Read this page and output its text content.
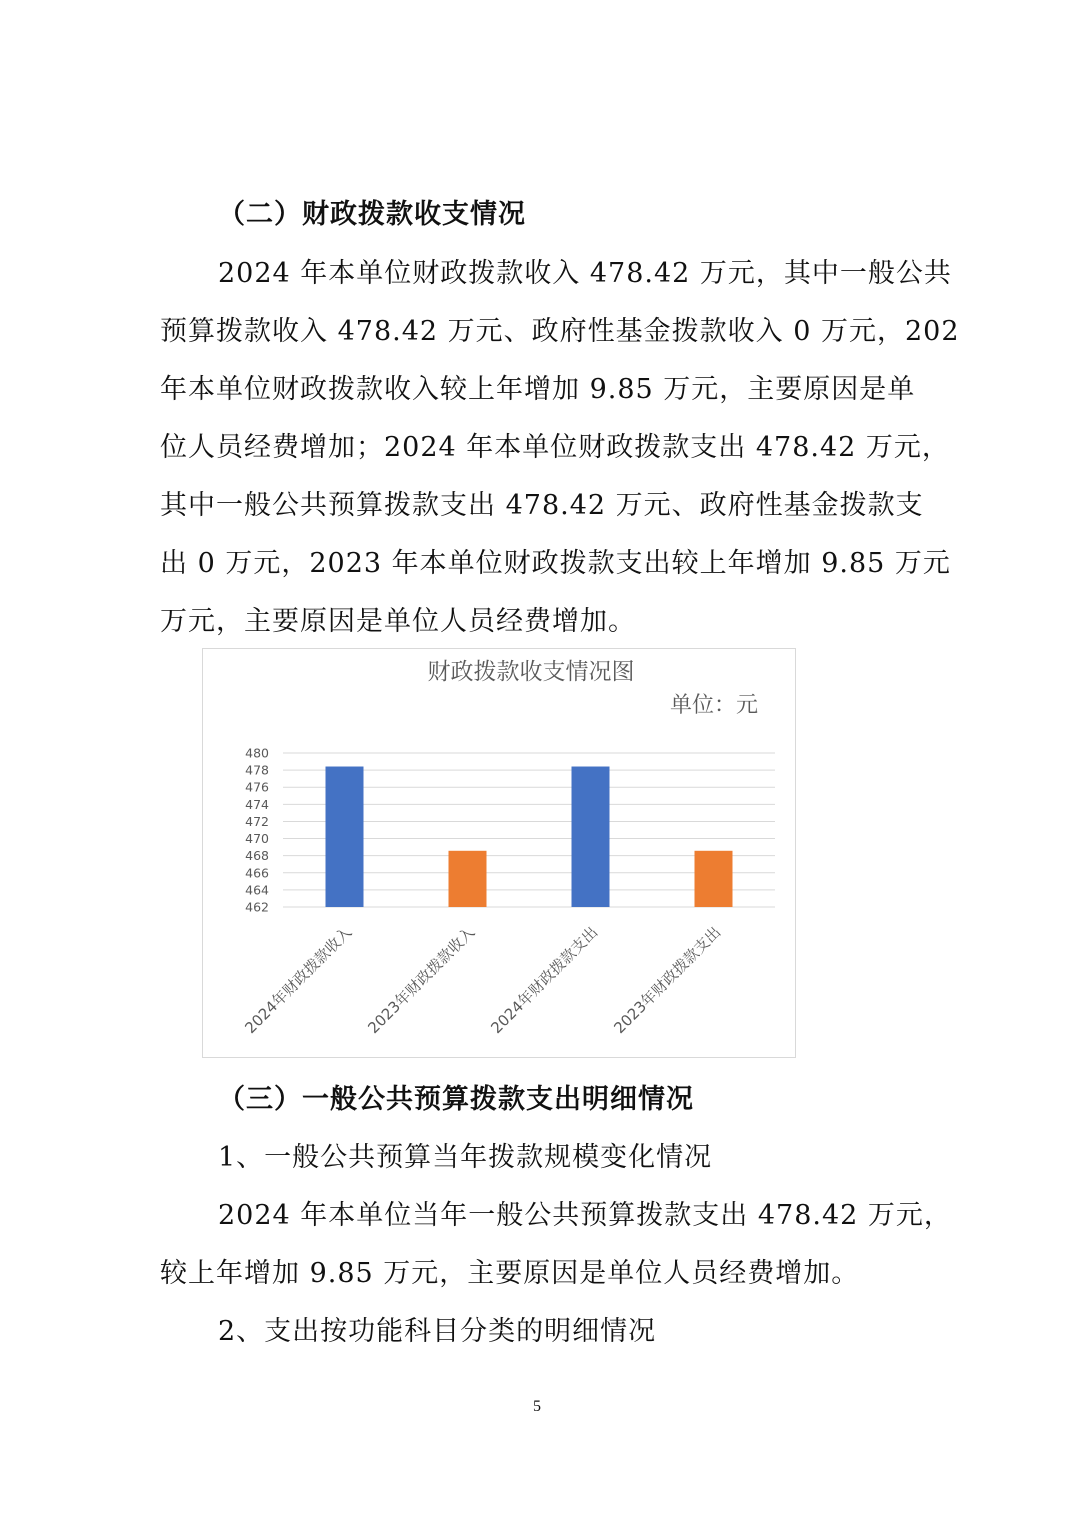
（二）财政拨款收支情况
2024 年本单位财政拨款收入 478.42 万元，其中一般公共
预算拨款收入 478.42 万元、政府性基金拨款收入 0 万元，202
年本单位财政拨款收入较上年增加 9.85 万元，主要原因是单
位人员经费增加；2024 年本单位财政拨款支出 478.42 万元，
其中一般公共预算拨款支出 478.42 万元、政府性基金拨款支
出 0 万元，2023 年本单位财政拨款支出较上年增加 9.85 万元
万元，主要原因是单位人员经费增加。
财政拨款收支情况图
单位：元
462
464
466
468
470
472
474
476
478
480
2024年财政拨款收入 2023年财政拨款收入 2024年财政拨款支出 2023年财政拨款支出
（三）一般公共预算拨款支出明细情况
1、一般公共预算当年拨款规模变化情况
2024 年本单位当年一般公共预算拨款支出 478.42 万元，
较上年增加 9.85 万元，主要原因是单位人员经费增加。
2、支出按功能科目分类的明细情况
5
